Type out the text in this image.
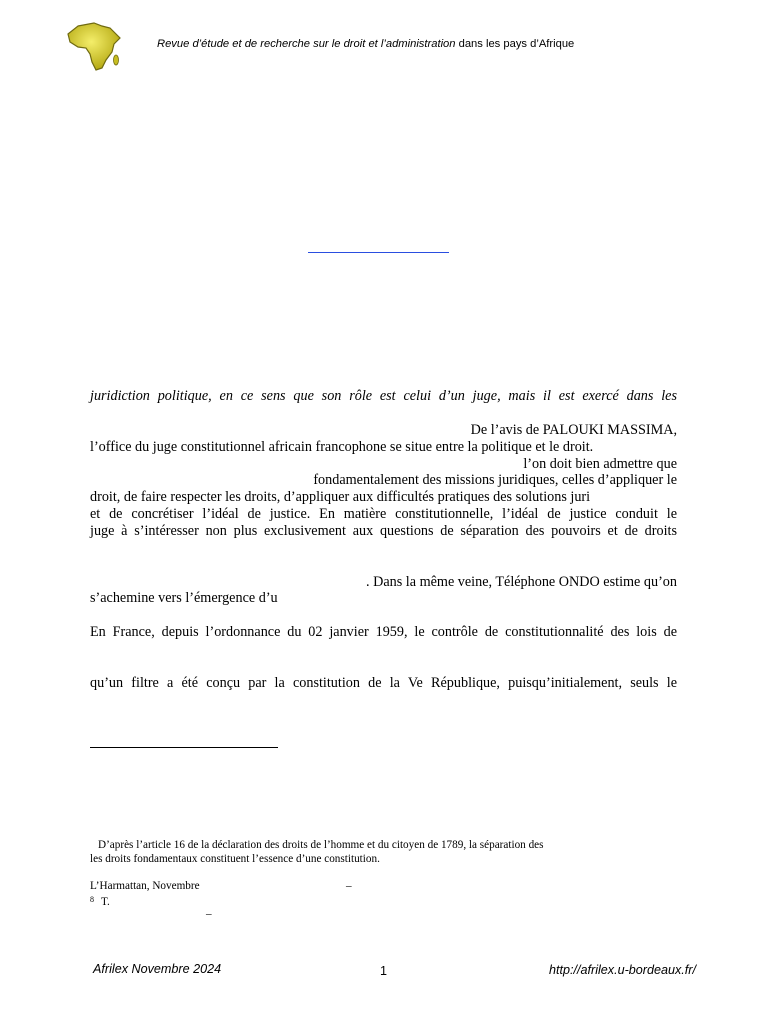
Revue d’étude et de recherche sur le droit et l’administration dans les pays d’Afrique
juridiction politique, en ce sens que son rôle est celui d’un juge, mais il est exercé dans les
De l’avis de PALOUKI MASSIMA,
l’office du juge constitutionnel africain francophone se situe entre la politique et le droit.
l’on doit bien admettre que
fondamentalement des missions juridiques, celles d’appliquer le
droit, de faire respecter les droits, d’appliquer aux difficultés pratiques des solutions juri
et de concrétiser l’idéal de justice. En matière constitutionnelle, l’idéal de justice conduit le
juge à s’intéresser non plus exclusivement aux questions de séparation des pouvoirs et de droits
. Dans la même veine, Téléphone ONDO estime qu’on
s’achemine vers l’émergence d’u
En France, depuis l’ordonnance du 02 janvier 1959, le contrôle de constitutionnalité des lois de
qu’un filtre a été conçu par la constitution de la Ve République, puisqu’initialement, seuls le
D’après l’article 16 de la déclaration des droits de l’homme et du citoyen de 1789, la séparation des
les droits fondamentaux constituent l’essence d’une constitution.
L’Harmattan, Novembre	–
8 T.
–
Afrilex Novembre 2024	1	http://afrilex.u-bordeaux.fr/
